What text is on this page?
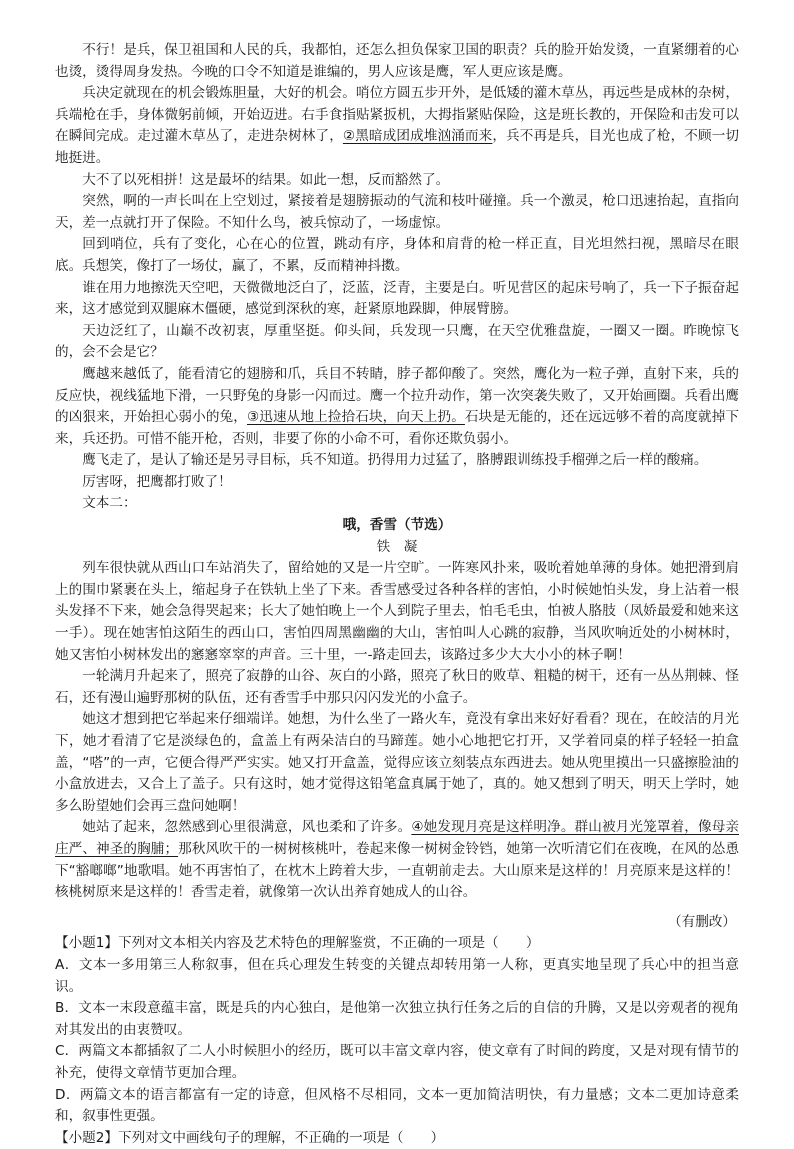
不行！是兵，保卫祖国和人民的兵，我都怕，还怎么担负保家卫国的职责？兵的脸开始发烫，一直紧绷着的心也烫，烫得周身发热。今晚的口令不知道是谁编的，男人应该是鹰，军人更应该是鹰。

兵决定就现在的机会锻炼胆量，大好的机会。哨位方圆五步开外，是低矮的灌木草丛，再远些是成林的杂树，兵端枪在手，身体微躬前倾，开始迈进。右手食指贴紧扳机，大拇指紧贴保险，这是班长教的，开保险和击发可以在瞬间完成。走过灌木草丛了，走进杂树林了，②黑暗成团成堆汹涌而来，兵不再是兵，目光也成了枪，不顾一切地挺进。

大不了以死相拼！这是最坏的结果。如此一想，反而豁然了。

突然，啊的一声长叫在上空划过，紧接着是翅膀振动的气流和枝叶碰撞。兵一个激灵，枪口迅速抬起，直指向天，差一点就打开了保险。不知什么鸟，被兵惊动了，一场虚惊。

回到哨位，兵有了变化，心在心的位置，跳动有序，身体和肩背的枪一样正直，目光坦然扫视，黑暗尽在眼底。兵想笑，像打了一场仗，赢了，不累，反而精神抖擞。

谁在用力地擦洗天空吧，天微微地泛白了，泛蓝，泛青，主要是白。听见营区的起床号响了，兵一下子振奋起来，这才感觉到双腿麻木僵硬，感觉到深秋的寒，赶紧原地跺脚，伸展臂膀。

天边泛红了，山巅不改初衷，厚重坚挺。仰头间，兵发现一只鹰，在天空优雅盘旋，一圈又一圈。昨晚惊飞的，会不会是它？

鹰越来越低了，能看清它的翅膀和爪，兵目不转睛，脖子都仰酸了。突然，鹰化为一粒子弹，直射下来，兵的反应快，视线猛地下滑，一只野兔的身影一闪而过。鹰一个拉升动作，第一次突袭失败了，又开始画圈。兵看出鹰的凶狠来，开始担心弱小的兔，③迅速从地上捡拾石块，向天上扔。石块是无能的，还在远远够不着的高度就掉下来，兵还扔。可惜不能开枪，否则，非要了你的小命不可，看你还欺负弱小。

鹰飞走了，是认了输还是另寻目标，兵不知道。扔得用力过猛了，胳膊跟训练投手榴弹之后一样的酸痛。

厉害呀，把鹰都打败了！

文本二：

哦，香雪（节选）

铁　凝

列车很快就从西山口车站消失了，留给她的又是一片空旷。一阵寒风扑来，吸吮着她单薄的身体。她把滑到肩上的围巾紧裹在头上，缩起身子在铁轨上坐了下来。香雪感受过各种各样的害怕，小时候她怕头发，身上沾着一根头发择不下来，她会急得哭起来；长大了她怕晚上一个人到院子里去，怕毛毛虫，怕被人胳肢（凤娇最爱和她来这一手）。现在她害怕这陌生的西山口，害怕四周黑幽幽的大山，害怕叫人心跳的寂静，当风吹响近处的小树林时，她又害怕小树林发出的窸窸窣窣的声音。三十里，一-路走回去，该路过多少大大小小的林子啊！

一轮满月升起来了，照亮了寂静的山谷、灰白的小路，照亮了秋日的败草、粗糙的树干，还有一丛丛荆棘、怪石，还有漫山遍野那树的队伍，还有香雪手中那只闪闪发光的小盒子。

她这才想到把它举起来仔细端详。她想，为什么坐了一路火车，竟没有拿出来好好看看？现在，在皎洁的月光下，她才看清了它是淡绿色的，盒盖上有两朵洁白的马蹄莲。她小心地把它打开，又学着同桌的样子轻轻一拍盒盖，“嗒”的一声，它便合得严严实实。她又打开盒盖，觉得应该立刻装点东西进去。她从兜里摸出一只盛擦脸油的小盒放进去，又合上了盖子。只有这时，她才觉得这铅笔盒真属于她了，真的。她又想到了明天，明天上学时，她多么盼望她们会再三盘问她啊！

她站了起来，忽然感到心里很满意，风也柔和了许多。④她发现月亮是这样明净。群山被月光笼罩着，像母亲庄严、神圣的胸脯；那秋风吹干的一树树核桃叶，卷起来像一树树金铃铛，她第一次听清它们在夜晚，在风的怂恿下“豁啷啷”地歌唱。她不再害怕了，在枕木上跨着大步，一直朝前走去。大山原来是这样的！月亮原来是这样的！核桃树原来是这样的！香雪走着，就像第一次认出养育她成人的山谷。

（有删改）

【小题1】下列对文本相关内容及艺术特色的理解鉴赏，不正确的一项是（　　）

A．文本一多用第三人称叙事，但在兵心理发生转变的关键点却转用第一人称，更真实地呈现了兵心中的担当意识。

B．文本一末段意蕴丰富，既是兵的内心独白，是他第一次独立执行任务之后的自信的升腾，又是以旁观者的视角对其发出的由衷赞叹。

C．两篇文本都插叙了二人小时候胆小的经历，既可以丰富文章内容，使文章有了时间的跨度，又是对现有情节的补充，使得文章情节更加合理。

D．两篇文本的语言都富有一定的诗意，但风格不尽相同，文本一更加简洁明快，有力量感；文本二更加诗意柔和，叙事性更强。

【小题2】下列对文中画线句子的理解，不正确的一项是（　　）
